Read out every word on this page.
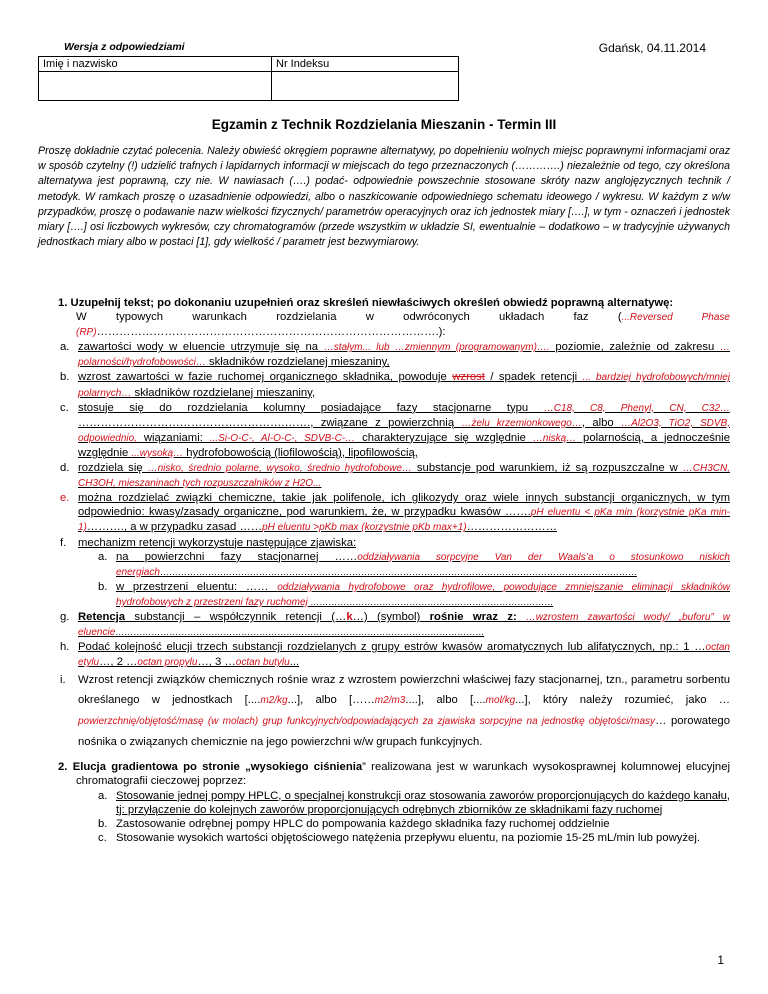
Wersja z odpowiedziami	Gdańsk, 04.11.2014
Imię i nazwisko	Nr Indeksu

Egzamin z Technik Rozdzielania Mieszanin - Termin III
Proszę dokładnie czytać polecenia. Należy obwieść okręgiem poprawne alternatywy, po dopełnieniu wolnych miejsc poprawnymi informacjami oraz w sposób czytelny (!) udzielić trafnych i lapidarnych informacji w miejscach do tego przeznaczonych (………….) niezależnie od tego, czy określona alternatywa jest poprawną, czy nie. W nawiasach (….) podać- odpowiednie powszechnie stosowane skróty nazw anglojęzycznych technik / metodyk. W ramkach proszę o uzasadnienie odpowiedzi, albo o naszkicowanie odpowiedniego schematu ideowego / wykresu. W każdym z w/w przypadków, proszę o podawanie nazw wielkości fizycznych/ parametrów operacyjnych oraz ich jednostek miary [….], w tym - oznaczeń i jednostek miary [….] osi liczbowych wykresów, czy chromatogramów (przede wszystkim w układzie SI, ewentualnie – dodatkowo – w tradycyjnie używanych jednostkach miary albo w postaci [1], gdy wielkość / parametr jest bezwymiarowy.
1. Uzupełnij tekst; po dokonaniu uzupełnień oraz skreśleń niewłaściwych określeń obwiedź poprawną alternatywę:
W typowych warunkach rozdzielania w odwróconych układach faz (...Reversed Phase (RP)……………………………………………………………………………….):
a. zawartości wody w eluencie utrzymuje się na …stałym... lub …zmiennym (programowanym)…. poziomie, zależnie od zakresu …polarności/hydrofobowości… składników rozdzielanej mieszaniny,
b. wzrost zawartości w fazie ruchomej organicznego składnika, powoduje wzrost / spadek retencji ... bardziej hydrofobowych/mniej polarnych… składników rozdzielanej mieszaniny,
c. stosuje się do rozdzielania kolumny posiadające fazy stacjonarne typu …C18, C8, Phenyl, CN, C32… ……………………………………………….……., związane z powierzchnią …żelu krzemionkowego…, albo …Al2O3, TiO2, SDVB, odpowiednio, wiązaniami: ...Si-O-C-, Al-O-C-, SDVB-C-… charakteryzujące się względnie …niską… polarnością, a jednocześnie względnie ...wysoką… hydrofobowością (liofilowością), lipofilowością,
d. rozdziela się …nisko, średnio polarne, wysoko, średnio hydrofobowe… substancje pod warunkiem, iż są rozpuszczalne w …CH3CN, CH3OH, mieszaninach tych rozpuszczalników z H2O...
e. można rozdzielać związki chemiczne, takie jak polifenole, ich glikozydy oraz wiele innych substancji organicznych, w tym odpowiednio: kwasy/zasady organiczne, pod warunkiem, że, w przypadku kwasów …….pH eluentu < pKa min (korzystnie pKa min-1)………., a w przypadku zasad ……pH eluentu >pKb max (korzystnie pKb max+1)……………………
f. mechanizm retencji wykorzystuje następujące zjawiska:
a. na powierzchni fazy stacjonarnej ……oddziaływania sorpcyjne Van der Waals’a o stosunkowo niskich energiach……………………………………………………………………………………………………………………………………………
b. w przestrzeni eluentu: …… oddziaływania hydrofobowe oraz hydrofilowe, powodujące zmniejszanie eliminacji składników hydrofobowych z przestrzeni fazy ruchomej ………………………………………………………………………
g. Retencja substancji – współczynnik retencji (…k…) (symbol) rośnie wraz z: …wzrostem zawartości wody/ „buforu” w eluencie……………………………………………………………………………………………………………
h. Podać kolejność elucji trzech substancji rozdzielanych z grupy estrów kwasów aromatycznych lub alifatycznych, np.: 1 …octan etylu…, 2 …octan propylu…, 3 …octan butylu...
i. Wzrost retencji związków chemicznych rośnie wraz z wzrostem powierzchni właściwej fazy stacjonarnej, tzn., parametru sorbentu określanego w jednostkach [....m2/kg...], albo [……m2/m3....], albo [....mol/kg...], który należy rozumieć, jako …powierzchnię/objętość/masę (w molach) grup funkcyjnych/odpowiadających za zjawiska sorpcyjne na jednostkę objętości/masy… porowatego nośnika o związanych chemicznie na jego powierzchni w/w grupach funkcyjnych.
2. Elucja gradientowa po stronie „wysokiego ciśnienia” realizowana jest w warunkach wysokosprawnej kolumnowej elucyjnej chromatografii cieczowej poprzez:
a. Stosowanie jednej pompy HPLC, o specjalnej konstrukcji oraz stosowania zaworów proporcjonujących do każdego kanału, tj: przyłączenie do kolejnych zaworów proporcjonujących odrębnych zbiorników ze składnikami fazy ruchomej
b. Zastosowanie odrębnej pompy HPLC do pompowania każdego składnika fazy ruchomej oddzielnie
c. Stosowanie wysokich wartości objętościowego natężenia przepływu eluentu, na poziomie 15-25 mL/min lub powyżej.
1
